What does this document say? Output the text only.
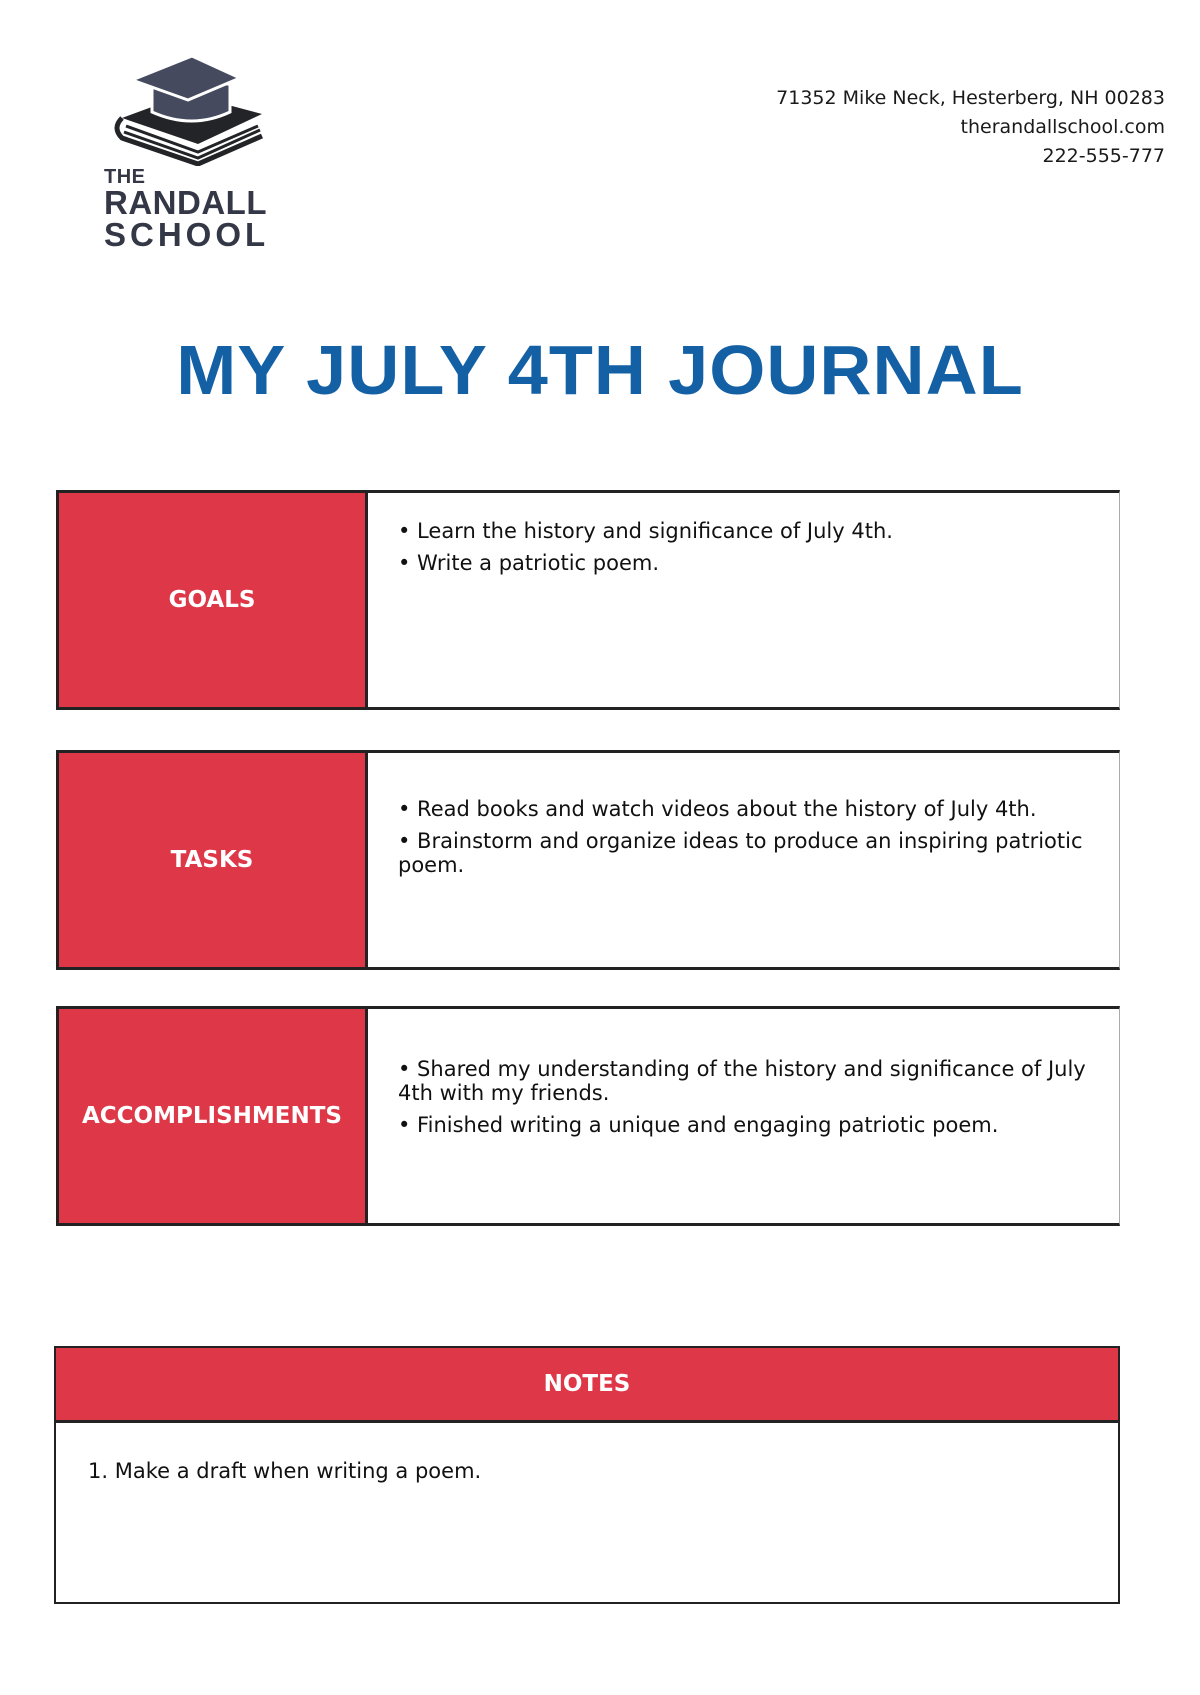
THE
RANDALL
SCHOOL
71352 Mike Neck, Hesterberg, NH 00283
therandallschool.com
222-555-777
MY JULY 4TH JOURNAL
GOALS
• Learn the history and significance of July 4th.
• Write a patriotic poem.
TASKS
• Read books and watch videos about the history of July 4th.
• Brainstorm and organize ideas to produce an inspiring patriotic poem.
ACCOMPLISHMENTS
• Shared my understanding of the history and significance of July 4th with my friends.
• Finished writing a unique and engaging patriotic poem.
NOTES
1. Make a draft when writing a poem.
